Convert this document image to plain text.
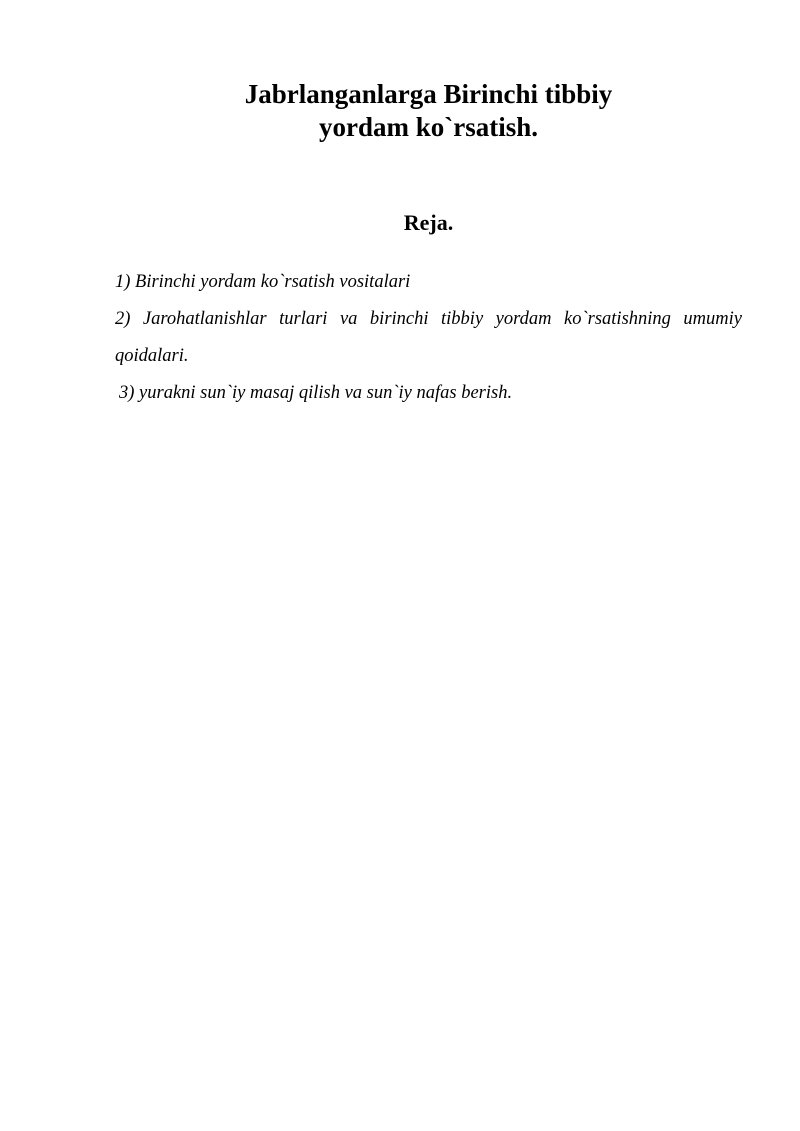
Jabrlanganlarga Birinchi tibbiy
yordam ko`rsatish.
Reja.
1) Birinchi yordam ko`rsatish vositalari
2) Jarohatlanishlar turlari va birinchi tibbiy yordam ko`rsatishning umumiy qoidalari.
3) yurakni sun`iy masaj qilish va sun`iy nafas berish.
